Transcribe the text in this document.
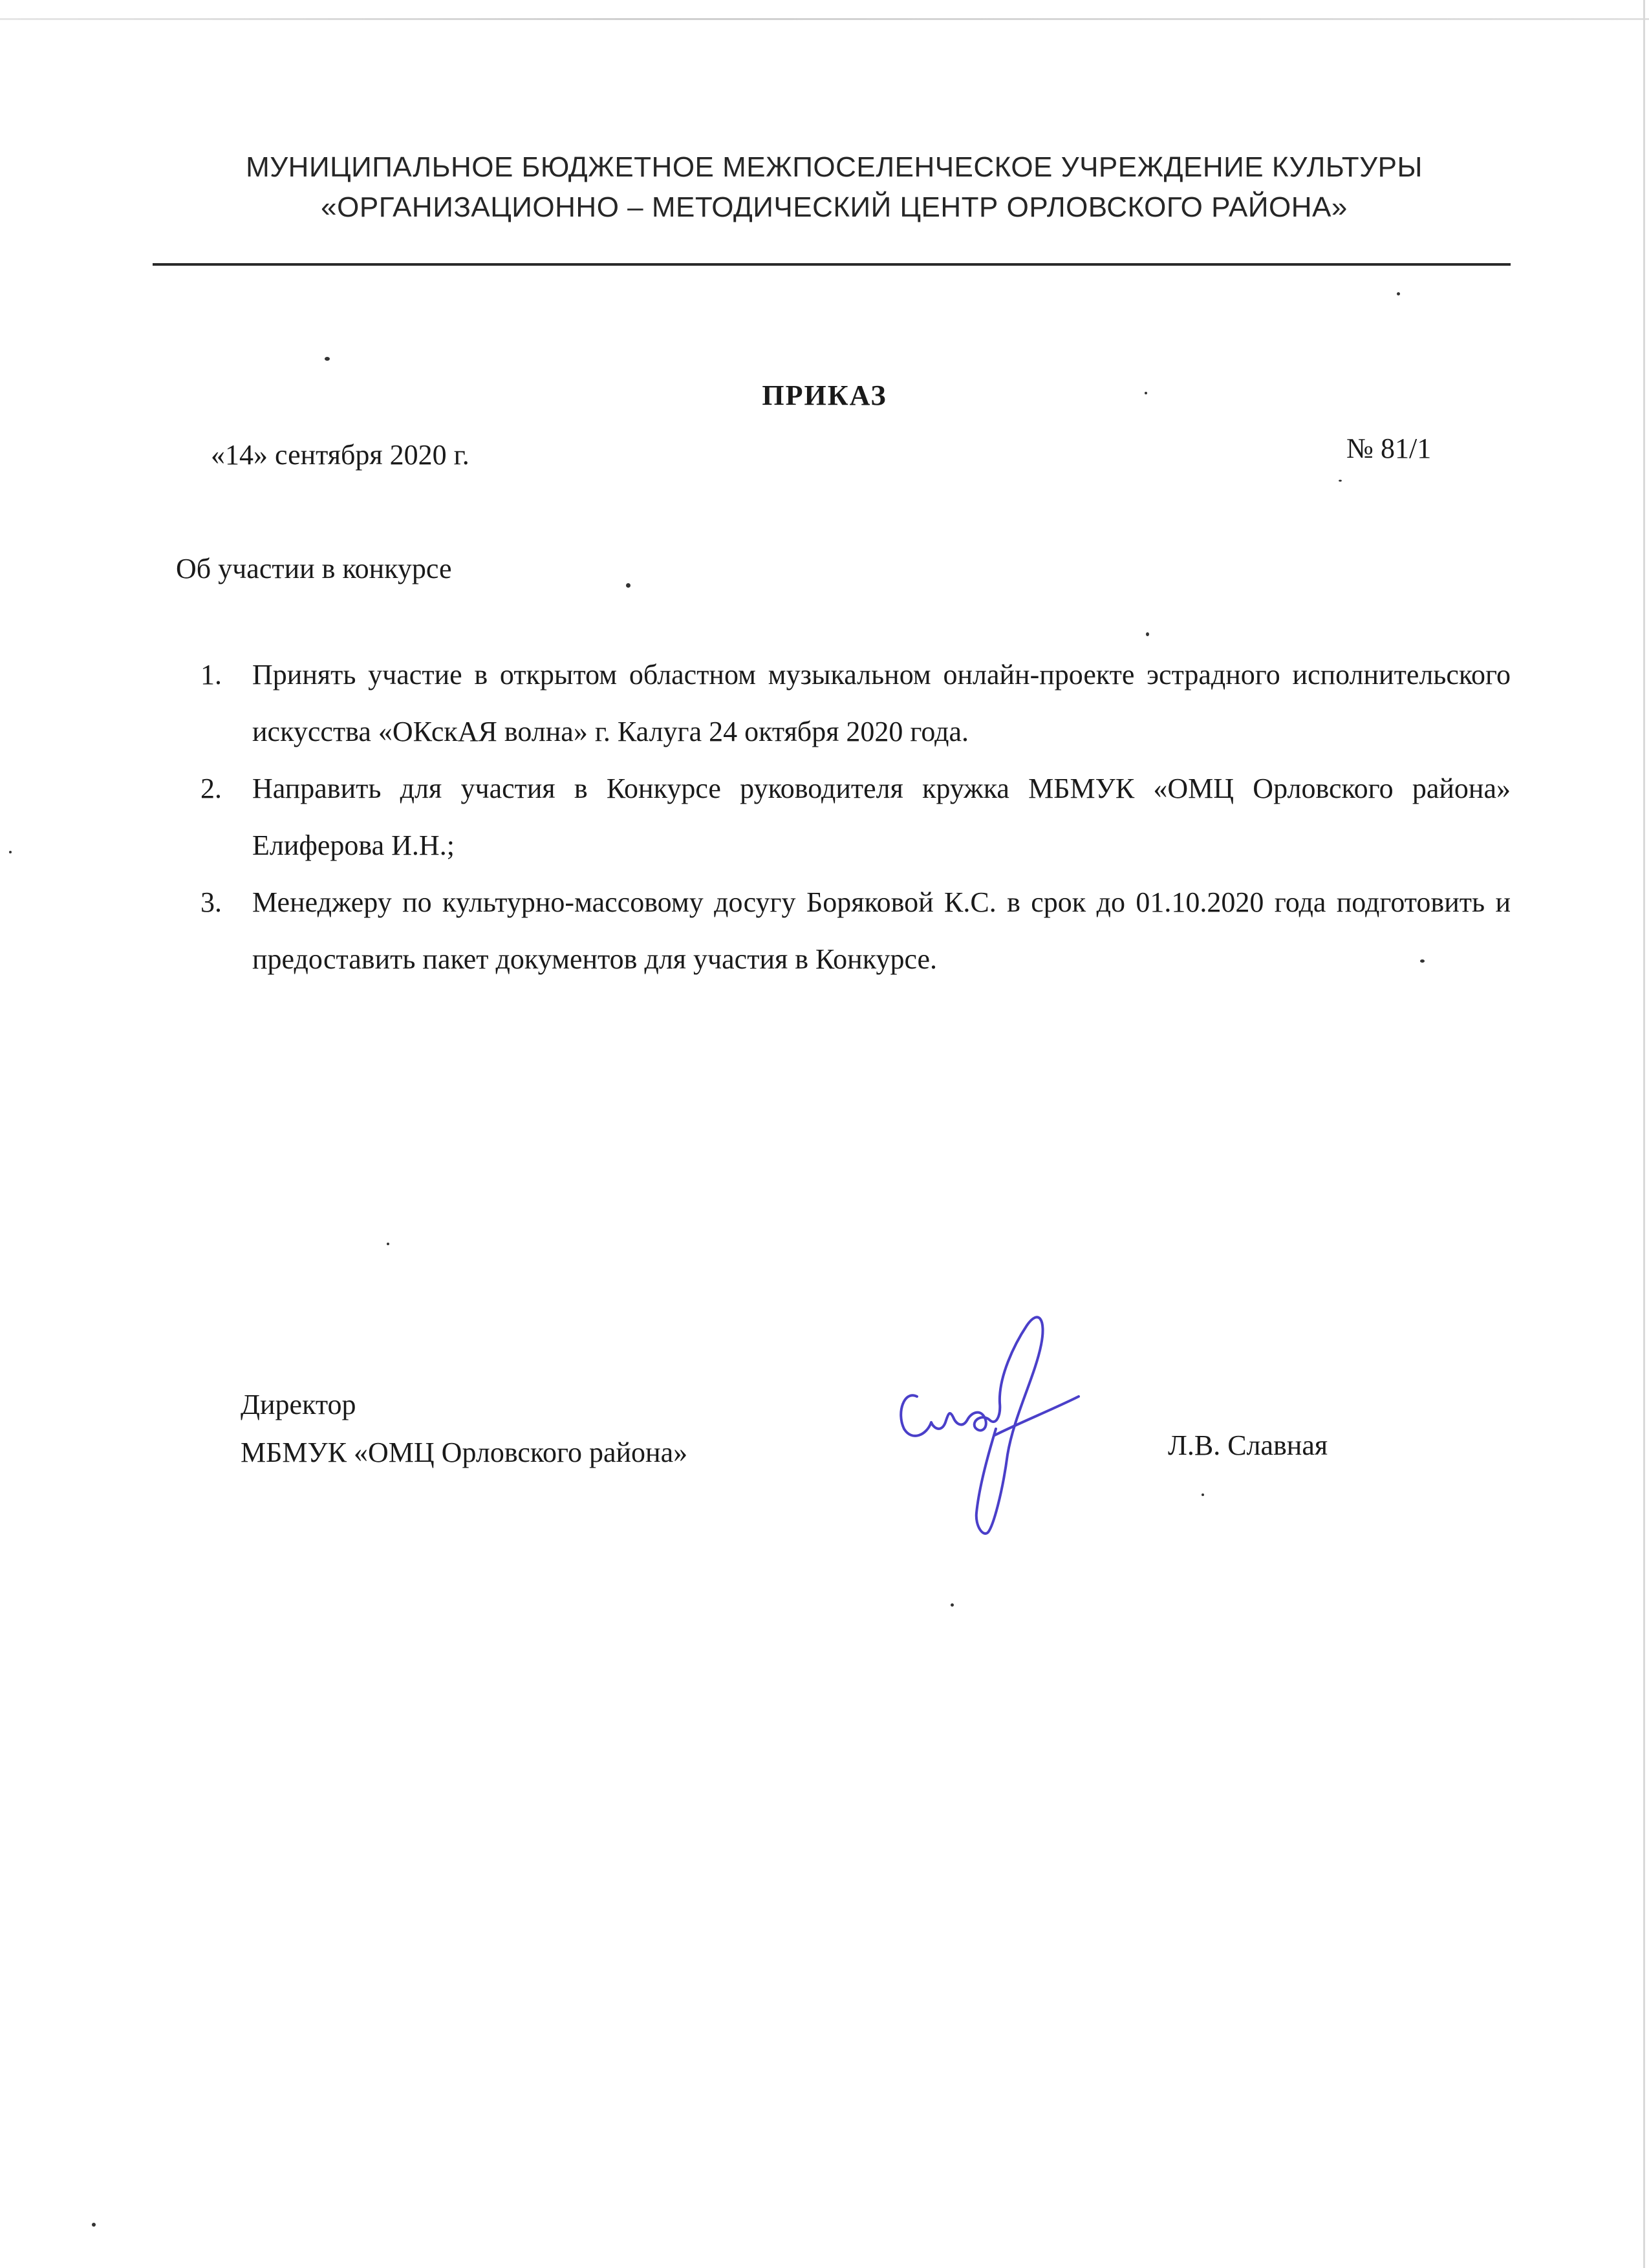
МУНИЦИПАЛЬНОЕ БЮДЖЕТНОЕ МЕЖПОСЕЛЕНЧЕСКОЕ УЧРЕЖДЕНИЕ КУЛЬТУРЫ
«ОРГАНИЗАЦИОННО – МЕТОДИЧЕСКИЙ ЦЕНТР ОРЛОВСКОГО РАЙОНА»
ПРИКАЗ
«14» сентября 2020 г.	№ 81/1
Об участии в конкурсе
1. Принять участие в открытом областном музыкальном онлайн-проекте эстрадного исполнительского искусства «ОКскАЯ волна» г. Калуга 24 октября 2020 года.
2. Направить для участия в Конкурсе руководителя кружка МБМУК «ОМЦ Орловского района» Елиферова И.Н.;
3. Менеджеру по культурно-массовому досугу Боряковой К.С. в срок до 01.10.2020 года подготовить и предоставить пакет документов для участия в Конкурсе.
Директор
МБМУК «ОМЦ Орловского района»	Л.В. Славная
